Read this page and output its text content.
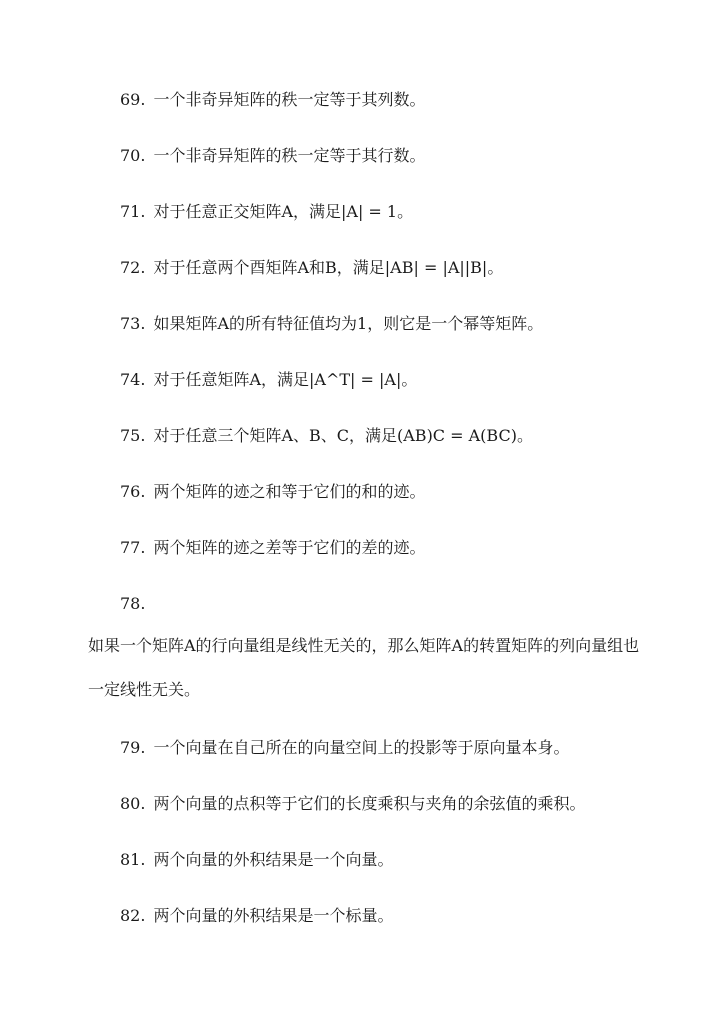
69. 一个非奇异矩阵的秩一定等于其列数。
70. 一个非奇异矩阵的秩一定等于其行数。
71. 对于任意正交矩阵A，满足|A| = 1。
72. 对于任意两个酉矩阵A和B，满足|AB| = |A||B|。
73. 如果矩阵A的所有特征值均为1，则它是一个幂等矩阵。
74. 对于任意矩阵A，满足|A^T| = |A|。
75. 对于任意三个矩阵A、B、C，满足(AB)C = A(BC)。
76. 两个矩阵的迹之和等于它们的和的迹。
77. 两个矩阵的迹之差等于它们的差的迹。
78.
如果一个矩阵A的行向量组是线性无关的，那么矩阵A的转置矩阵的列向量组也一定线性无关。
79. 一个向量在自己所在的向量空间上的投影等于原向量本身。
80. 两个向量的点积等于它们的长度乘积与夹角的余弦值的乘积。
81. 两个向量的外积结果是一个向量。
82. 两个向量的外积结果是一个标量。
